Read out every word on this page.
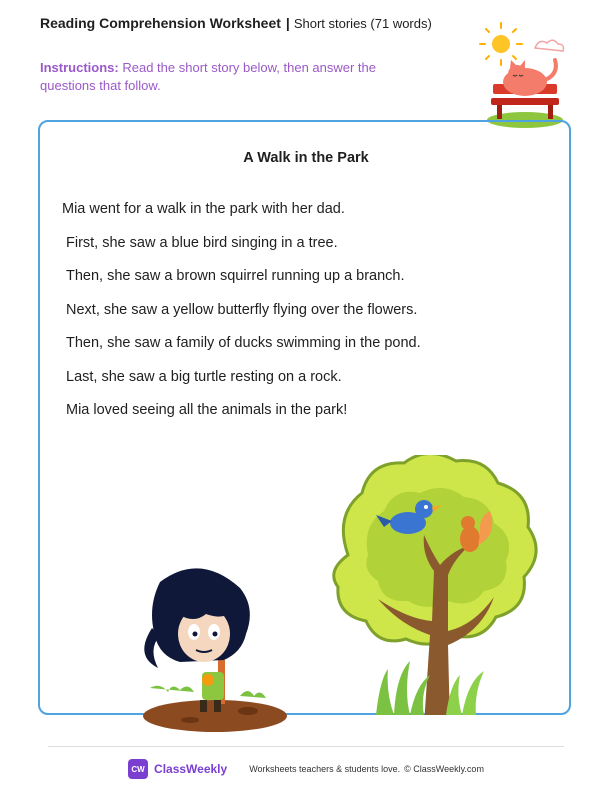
Reading Comprehension Worksheet | Short stories (71 words)
Instructions: Read the short story below, then answer the questions that follow.
A Walk in the Park

Mia went for a walk in the park with her dad.

First, she saw a blue bird singing in a tree.

Then, she saw a brown squirrel running up a branch.

Next, she saw a yellow butterfly flying over the flowers.

Then, she saw a family of ducks swimming in the pond.

Last, she saw a big turtle resting on a rock.

Mia loved seeing all the animals in the park!

CW ClassWeekly Worksheets teachers & students love. © ClassWeekly.com
